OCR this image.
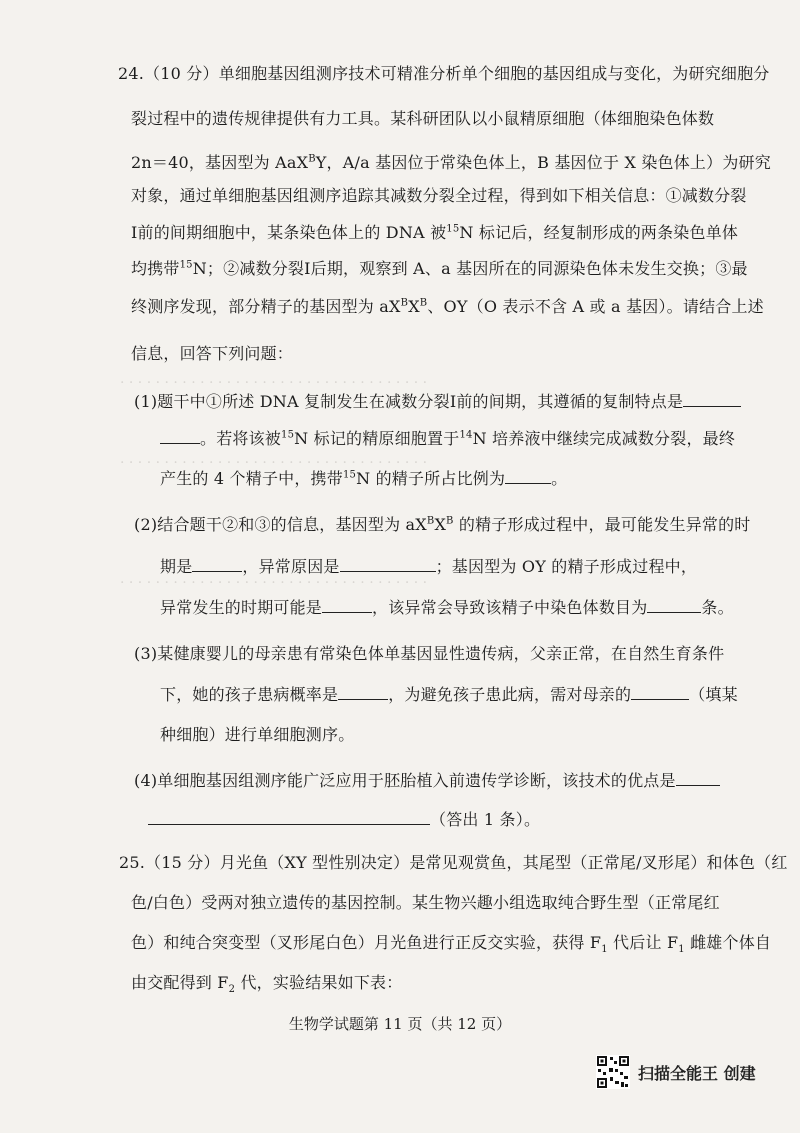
· · · · · · · · · · · · · · · · · · · · · · · · · · · · · · · · · · ·
· · · · · · · · · · · · · · · · · · · · · · · · · · · · · · · · · · ·
· · · · · · · · · · · · · · · · · · · · · · · · · · · · · · · · · · ·
24.（10 分）单细胞基因组测序技术可精准分析单个细胞的基因组成与变化，为研究细胞分
裂过程中的遗传规律提供有力工具。某科研团队以小鼠精原细胞（体细胞染色体数
2n＝40，基因型为 AaX$^B$Y，A/a 基因位于常染色体上，B 基因位于 X 染色体上）为研究
对象，通过单细胞基因组测序追踪其减数分裂全过程，得到如下相关信息：①减数分裂
Ⅰ前的间期细胞中，某条染色体上的 DNA 被$^{15}$N 标记后，经复制形成的两条染色单体
均携带$^{15}$N；②减数分裂Ⅰ后期，观察到 A、a 基因所在的同源染色体未发生交换；③最
终测序发现，部分精子的基因型为 $aX^BX^B$、OY（O 表示不含 A 或 a 基因）。请结合上述
信息，回答下列问题：
(1)题干中①所述 DNA 复制发生在减数分裂Ⅰ前的间期，其遵循的复制特点是
。若将该被$^{15}$N 标记的精原细胞置于$^{14}$N 培养液中继续完成减数分裂，最终
产生的 4 个精子中，携带$^{15}$N 的精子所占比例为	。
(2)结合题干②和③的信息，基因型为 $aX^BX^B$ 的精子形成过程中，最可能发生异常的时
期是	，异常原因是	；基因型为 OY 的精子形成过程中，
异常发生的时期可能是	，该异常会导致该精子中染色体数目为	条。
(3)某健康婴儿的母亲患有常染色体单基因显性遗传病，父亲正常，在自然生育条件
下，她的孩子患病概率是	，为避免孩子患此病，需对母亲的	（填某
种细胞）进行单细胞测序。
(4)单细胞基因组测序能广泛应用于胚胎植入前遗传学诊断，该技术的优点是
（答出 1 条）。
25.（15 分）月光鱼（XY 型性别决定）是常见观赏鱼，其尾型（正常尾/叉形尾）和体色（红
色/白色）受两对独立遗传的基因控制。某生物兴趣小组选取纯合野生型（正常尾红
色）和纯合突变型（叉形尾白色）月光鱼进行正反交实验，获得 $F_1$ 代后让 $F_1$ 雌雄个体自
由交配得到 $F_2$ 代，实验结果如下表：
生物学试题第 11 页（共 12 页）
扫描全能王 创建
